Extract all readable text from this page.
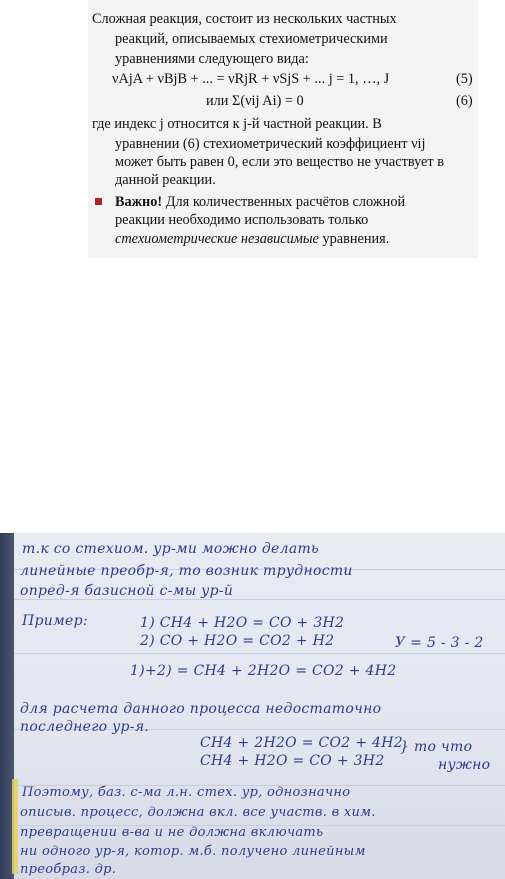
Сложная реакция, состоит из нескольких частных
реакций, описываемых стехиометрическими
уравнениями следующего вида:
νAjA + νBjB + ... = νRjR + νSjS + ... j = 1, …, J	(5)
или Σ(νij Ai) = 0	(6)
где индекс j относится к j-й частной реакции. В
уравнении (6) стехиометрический коэффициент νij
может быть равен 0, если это вещество не участвует в
данной реакции.
Важно! Для количественных расчётов сложной
реакции необходимо использовать только
стехиометрические независимые уравнения.
т.к со стехиом. ур-ми можно делать
линейные преобр-я, то возник трудности
опред-я базисной с-мы ур-й
Пример:	1) CH4 + H2O = CO + 3H2
2) CO + H2O = CO2 + H2	У = 5 - 3 - 2
1)+2) = CH4 + 2H2O = CO2 + 4H2
для расчета данного процесса недостаточно
последнего ур-я.
CH4 + 2H2O = CO2 + 4H2
CH4 + H2O = CO + 3H2
} то что
нужно
Поэтому, баз. с-ма л.н. стех. ур, однозначно
описыв. процесс, должна вкл. все участв. в хим.
превращении в-ва и не должна включать
ни одного ур-я, котор. м.б. получено линейным
преобраз. др.
